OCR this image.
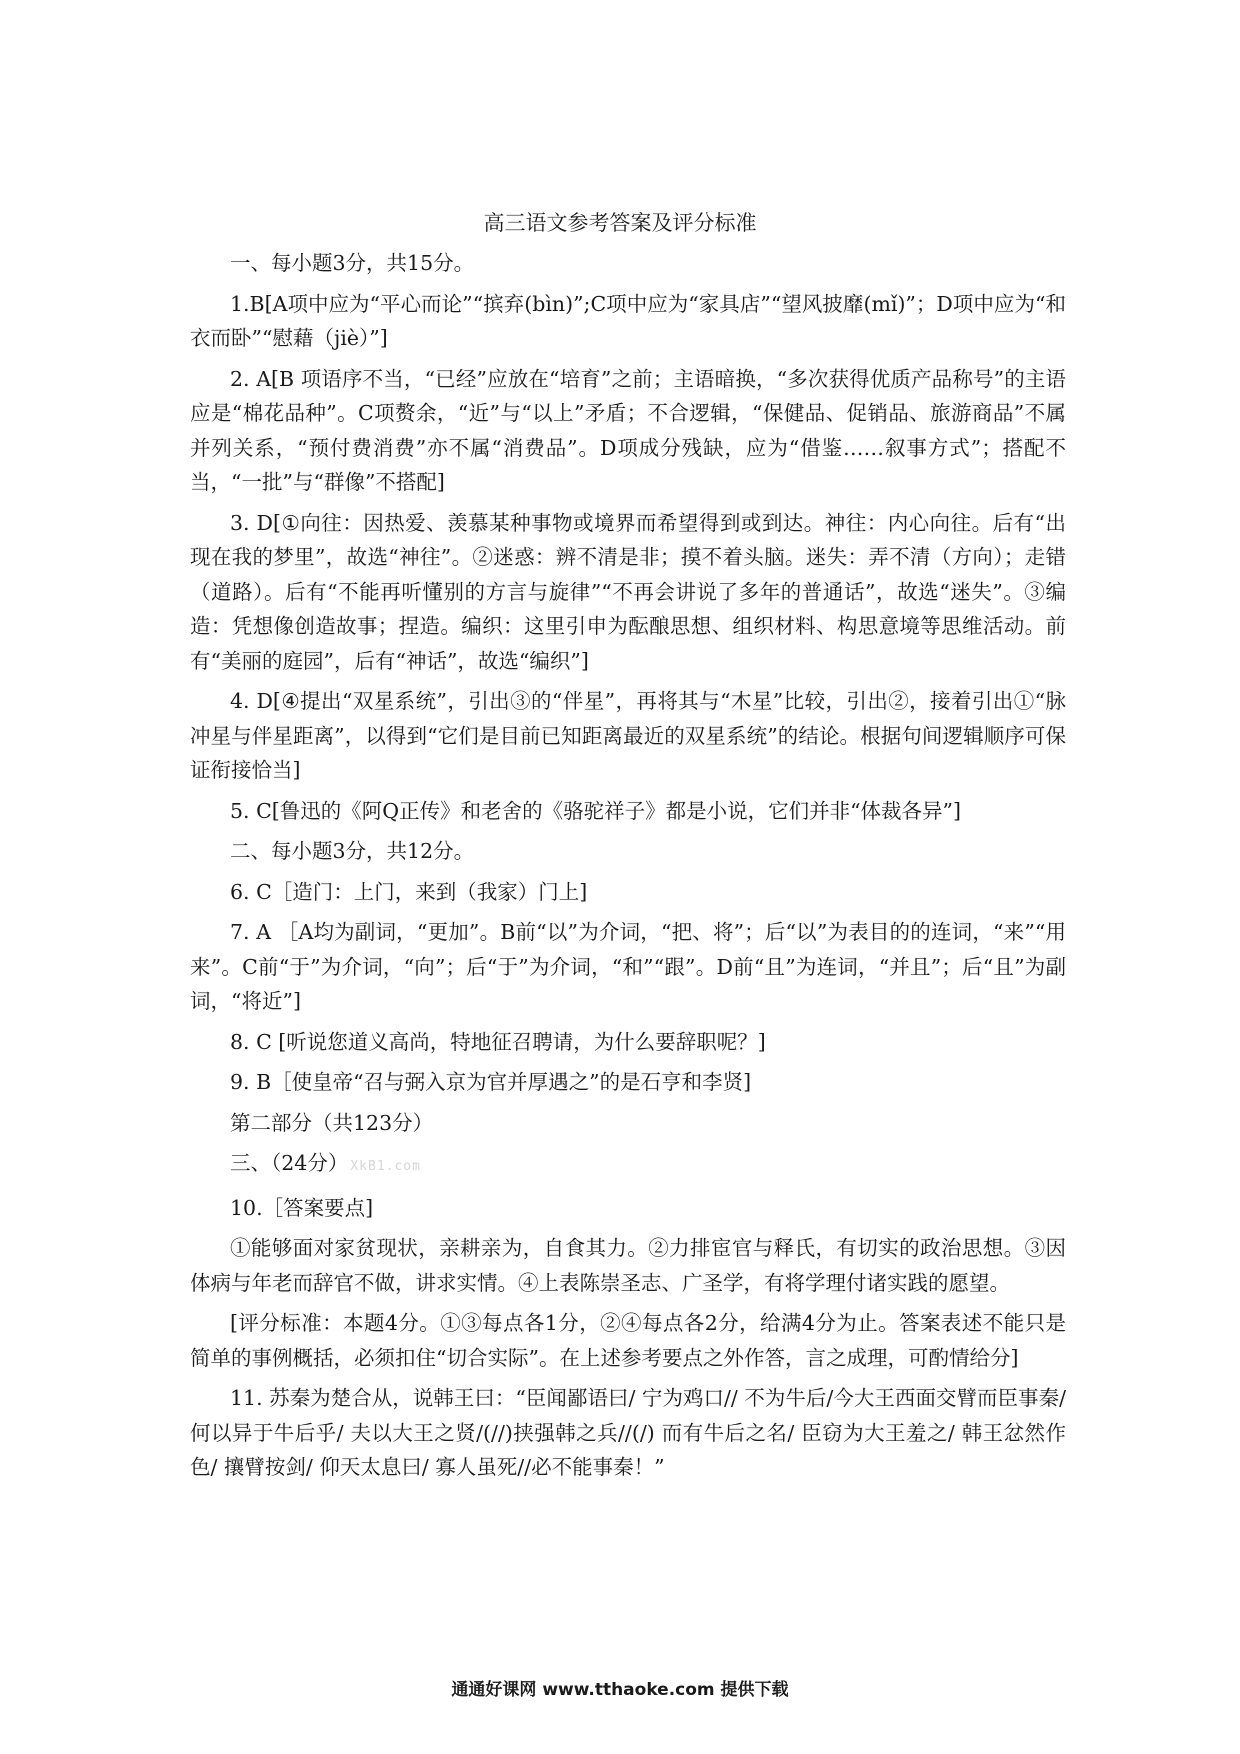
高三语文参考答案及评分标准

一、每小题3分，共15分。

1.B[A项中应为“平心而论”“摈弃(bìn)”;C项中应为“家具店”“望风披靡(mǐ)”；D项中应为“和衣而卧”“慰藉（jiè）”]

2. A[B 项语序不当，“已经”应放在“培育”之前；主语暗换，“多次获得优质产品称号”的主语应是“棉花品种”。C项赘余，“近”与“以上”矛盾；不合逻辑，“保健品、促销品、旅游商品”不属并列关系，“预付费消费”亦不属“消费品”。D项成分残缺，应为“借鉴……叙事方式”；搭配不当，“一批”与“群像”不搭配]

3. D[①向往：因热爱、羡慕某种事物或境界而希望得到或到达。神往：内心向往。后有“出现在我的梦里”，故选“神往”。②迷惑：辨不清是非；摸不着头脑。迷失：弄不清（方向）；走错（道路）。后有“不能再听懂别的方言与旋律”“不再会讲说了多年的普通话”，故选“迷失”。③编造：凭想像创造故事；捏造。编织：这里引申为酝酿思想、组织材料、构思意境等思维活动。前有“美丽的庭园”，后有“神话”，故选“编织”]

4. D[④提出“双星系统”，引出③的“伴星”，再将其与“木星”比较，引出②，接着引出①“脉冲星与伴星距离”，以得到“它们是目前已知距离最近的双星系统”的结论。根据句间逻辑顺序可保证衔接恰当]

5. C[鲁迅的《阿Q正传》和老舍的《骆驼祥子》都是小说，它们并非“体裁各异”]

二、每小题3分，共12分。

6. C［造门：上门，来到（我家）门上]

7. A ［A均为副词，“更加”。B前“以”为介词，“把、将”；后“以”为表目的的连词，“来”“用来”。C前“于”为介词，“向”；后“于”为介词，“和”“跟”。D前“且”为连词，“并且”；后“且”为副词，“将近”]

8. C [听说您道义高尚，特地征召聘请，为什么要辞职呢？]

9. B［使皇帝“召与弼入京为官并厚遇之”的是石亨和李贤]

第二部分（共123分）

三、（24分） XkB1.com

10.［答案要点]

①能够面对家贫现状，亲耕亲为，自食其力。②力排宦官与释氏，有切实的政治思想。③因体病与年老而辞官不做，讲求实情。④上表陈崇圣志、广圣学，有将学理付诸实践的愿望。

[评分标准：本题4分。①③每点各1分，②④每点各2分，给满4分为止。答案表述不能只是简单的事例概括，必须扣住“切合实际”。在上述参考要点之外作答，言之成理，可酌情给分]

11. 苏秦为楚合从，说韩王曰：“臣闻鄙语曰/ 宁为鸡口// 不为牛后/今大王西面交臂而臣事秦/何以异于牛后乎/ 夫以大王之贤/(//)挟强韩之兵//(/) 而有牛后之名/ 臣窃为大王羞之/ 韩王忿然作色/ 攘臂按剑/ 仰天太息曰/ 寡人虽死//必不能事秦！”

通通好课网 www.tthaoke.com 提供下载
